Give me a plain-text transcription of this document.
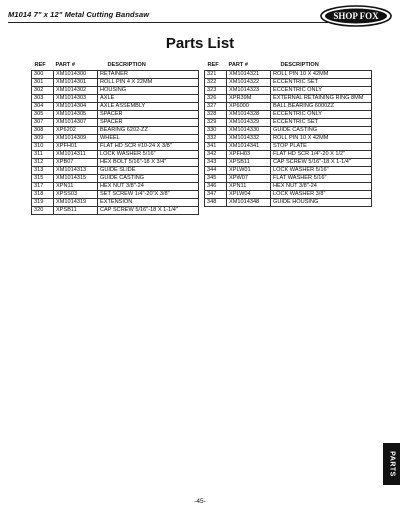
M1014 7" x 12" Metal Cutting Bandsaw	SHOP FOX
Parts List
REF	PART #	DESCRIPTION
300	XM1014300	RETAINER
301	XM1014301	ROLL PIN 4 X 22MM
302	XM1014302	HOUSING
303	XM1014303	AXLE
304	XM1014304	AXLE ASSEMBLY
305	XM1014305	SPACER
307	XM1014307	SPACER
308	XP6202	BEARING 6202-ZZ
309	XM1014309	WHEEL
310	XPFH01	FLAT HD SCR #10-24 X 3/8"
311	XM1014311	LOCK WASHER 5/16"
312	XPB07	HEX BOLT 5/16"-18 X 3/4"
313	XM1014313	GUIDE SLIDE
315	XM1014315	GUIDE CASTING
317	XPN11	HEX NUT 3/8"-24
318	XPSS03	SET SCREW 1/4"-20"X 3/8"
319	XM1014319	EXTENSION
320	XPSB11	CAP SCREW 5/16"-18 X 1-1/4"
REF	PART #	DESCRIPTION
321	XM1014321	ROLL PIN 10 X 42MM
322	XM1014322	ECCENTRIC SET
323	XM1014323	ECCENTRIC ONLY
326	XPR39M	EXTERNAL RETAINING RING 8MM
327	XP6000	BALL BEARING 6000ZZ
328	XM1014328	ECCENTRIC ONLY
329	XM1014329	ECCENTRIC SET
330	XM1014330	GUIDE CASTING
332	XM1014332	ROLL PIN 10 X 42MM
341	XM1014341	STOP PLATE
342	XPFH03	FLAT HD SCR 1/4"-20 X 1/2"
343	XPSB11	CAP SCREW 5/16"-18 X 1-1/4"
344	XPLW01	LOCK WASHER 5/16"
345	XPW07	FLAT WASHER 5/16"
346	XPN11	HEX NUT 3/8"-24
347	XPLW04	LOCK WASHER 3/8"
348	XM1014348	GUIDE HOUSING
PARTS
-45-
